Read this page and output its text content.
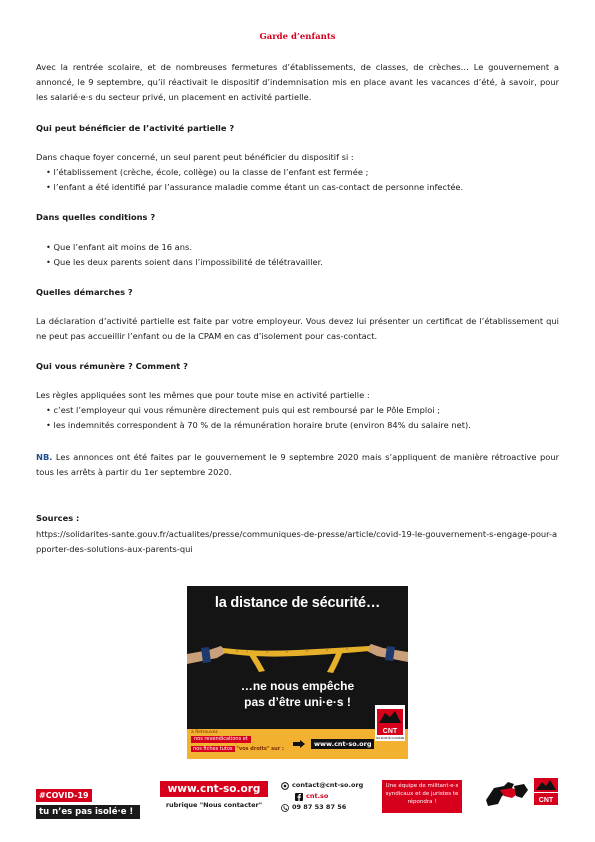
Garde d’enfants

Avec la rentrée scolaire, et de nombreuses fermetures d’établissements, de classes, de crèches… Le gouvernement a annoncé, le 9 septembre, qu’il réactivait le dispositif d’indemnisation mis en place avant les vacances d’été, à savoir, pour les salarié·e·s du secteur privé, un placement en activité partielle.

Qui peut bénéficier de l’activité partielle ?

Dans chaque foyer concerné, un seul parent peut bénéficier du dispositif si :

• l’établissement (crèche, école, collège) ou la classe de l’enfant est fermée ;
• l’enfant a été identifié par l’assurance maladie comme étant un cas-contact de personne infectée.

Dans quelles conditions ?

• Que l’enfant ait moins de 16 ans.
• Que les deux parents soient dans l’impossibilité de télétravailler.

Quelles démarches ?

La déclaration d’activité partielle est faite par votre employeur. Vous devez lui présenter un certificat de l’établissement qui ne peut pas accueillir l’enfant ou de la CPAM en cas d’isolement pour cas-contact.

Qui vous rémunère ? Comment ?

Les règles appliquées sont les mêmes que pour toute mise en activité partielle :

• c’est l’employeur qui vous rémunère directement puis qui est remboursé par le Pôle Emploi ;
• les indemnités correspondent à 70 % de la rémunération horaire brute (environ 84% du salaire net).

NB. Les annonces ont été faites par le gouvernement le 9 septembre 2020 mais s’appliquent de manière rétroactive pour tous les arrêts à partir du 1er septembre 2020.

Sources :

https://solidarites-sante.gouv.fr/actualites/presse/communiques-de-presse/article/covid-19-le-gouvernement-s-engage-pour-apporter-des-solutions-aux-parents-qui

la distance de sécurité…
…ne nous empêche
pas d’être uni·e·s !
à Retrouvez
nos revendications et
nos fiches tutos "vos droits" sur :
www.cnt-so.org
CNT
SOLIDARITÉ OUVRIÈRE
#COVID-19
tu n’es pas isolé·e !
www.cnt-so.org
rubrique "Nous contacter"
contact@cnt-so.org
cnt.so
09 87 53 87 56
Une équipe de militant·e·s syndicaux et de juristes te répondra !	CNT
